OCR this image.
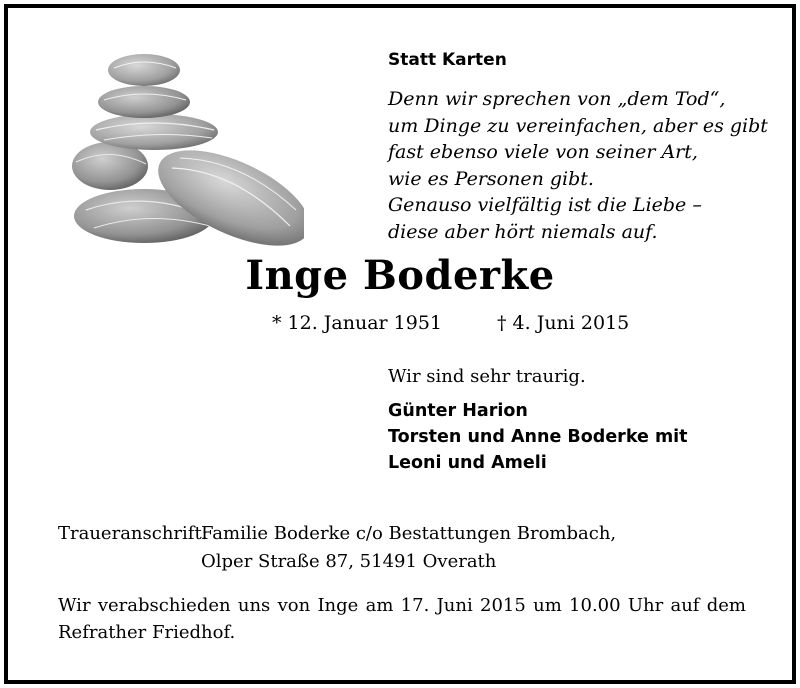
Statt Karten
Denn wir sprechen von „dem Tod“,
um Dinge zu vereinfachen, aber es gibt
fast ebenso viele von seiner Art,
wie es Personen gibt.
Genauso vielfältig ist die Liebe –
diese aber hört niemals auf.
Inge Boderke
* 12. Januar 1951	† 4. Juni 2015
Wir sind sehr traurig.
Günter Harion
Torsten und Anne Boderke mit
Leoni und Ameli
Traueranschrift:Familie Boderke c/o Bestattungen Brombach,
Olper Straße 87, 51491 Overath
Wir verabschieden uns von Inge am 17. Juni 2015 um 10.00 Uhr auf dem Refrather Friedhof.
